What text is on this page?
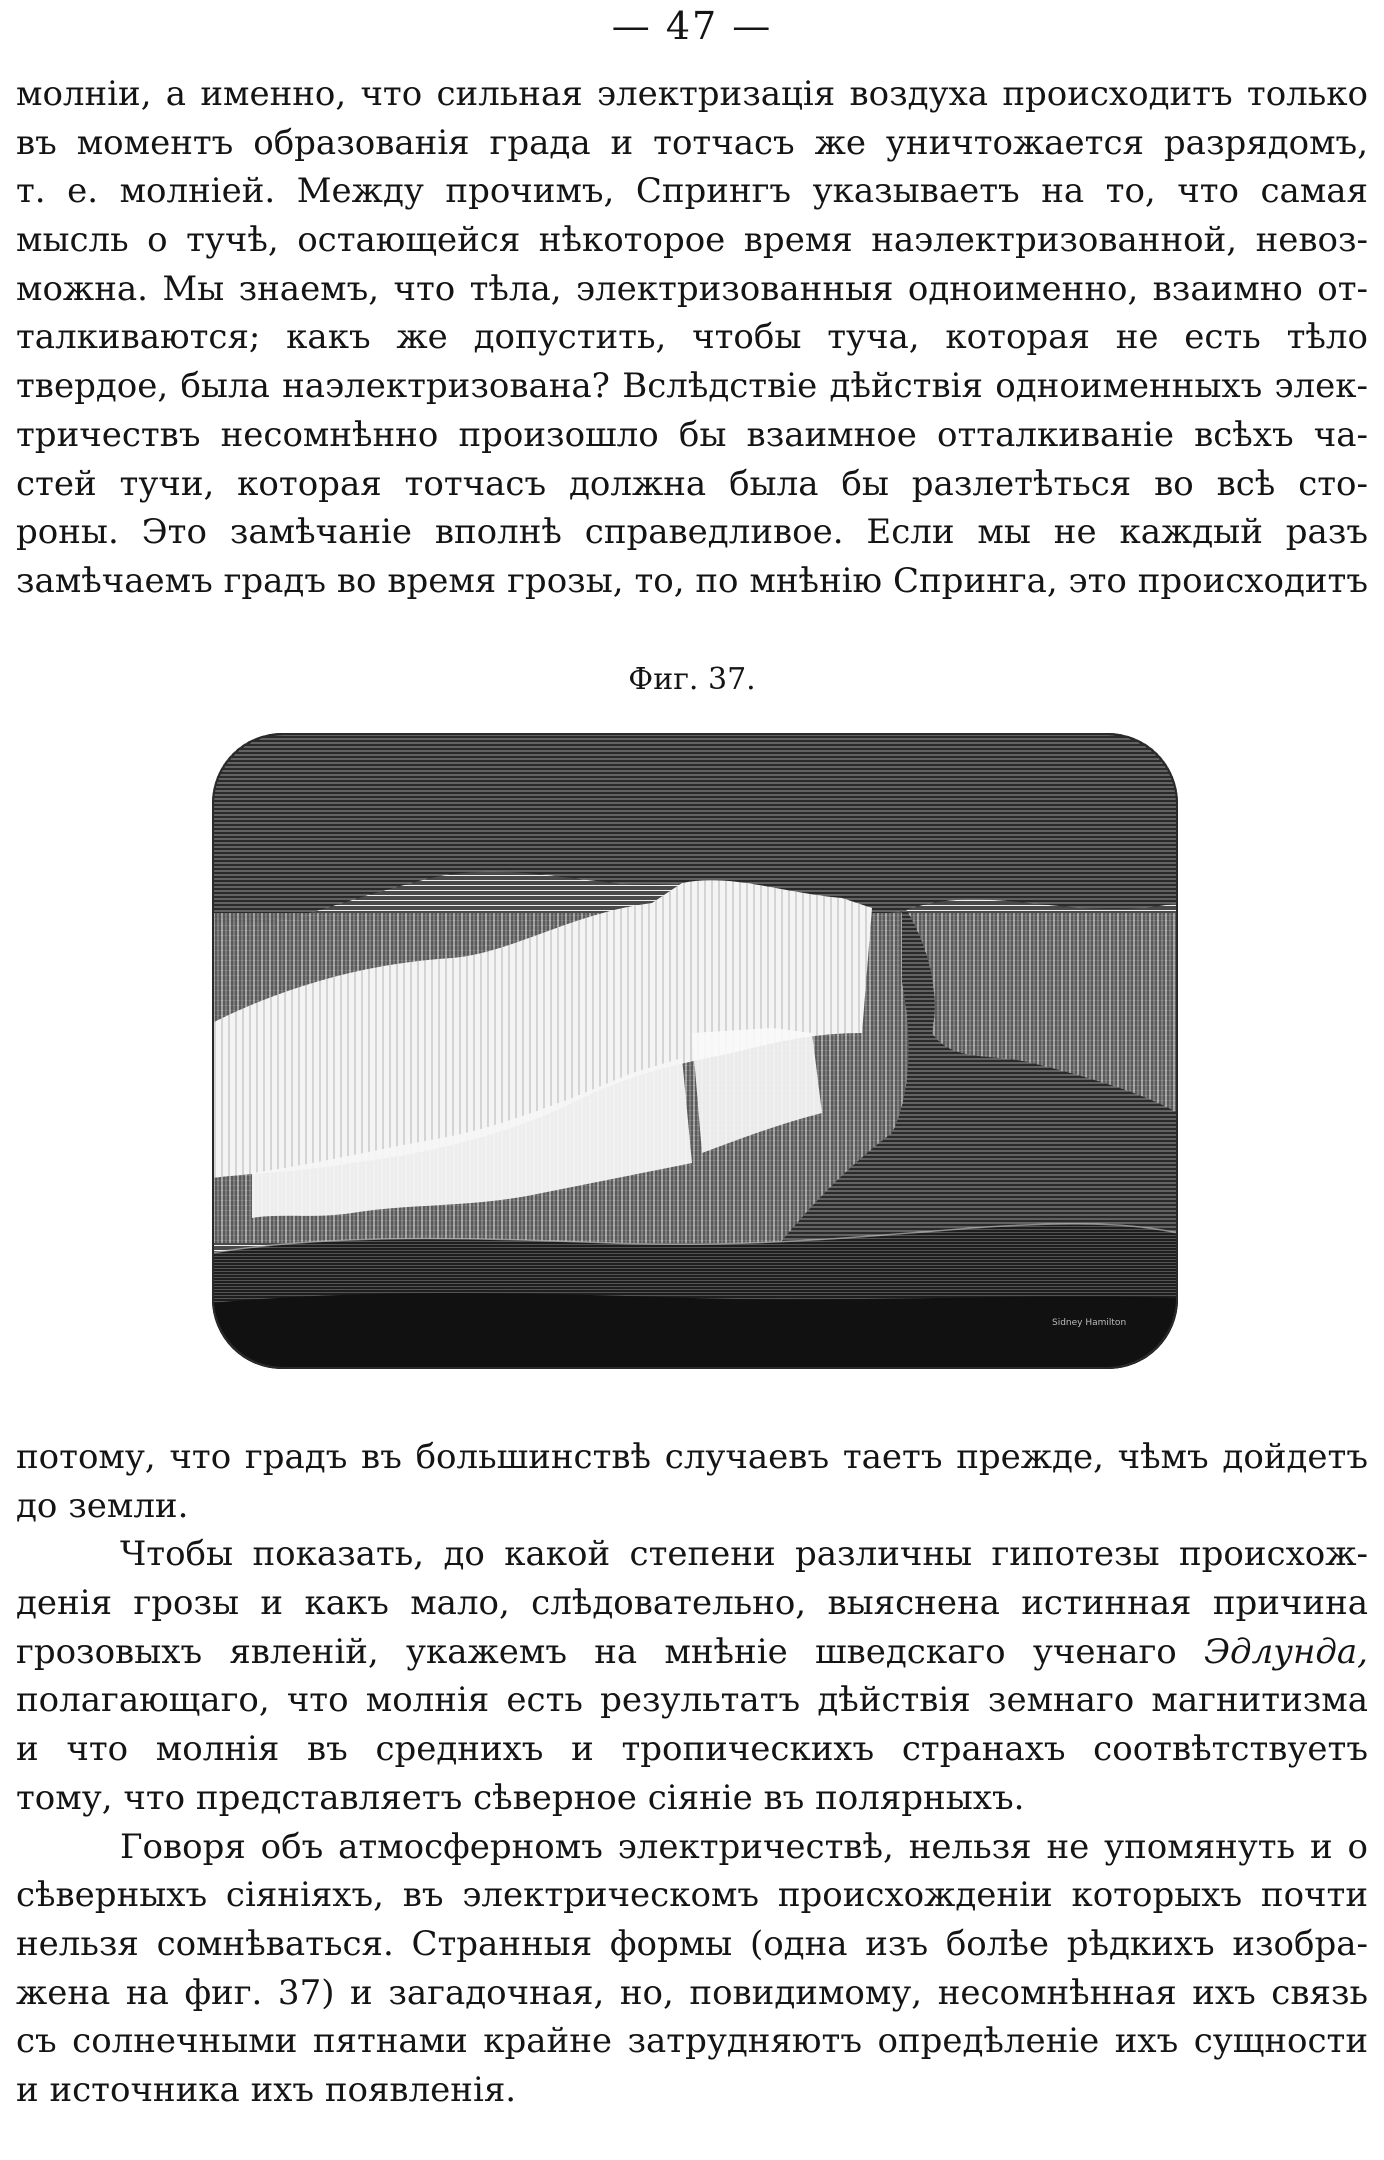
— 47 —
молніи, а именно, что сильная электризація воздуха происходитъ только
въ моментъ образованія града и тотчасъ же уничтожается разрядомъ,
т. е. молніей. Между прочимъ, Спрингъ указываетъ на то, что самая
мысль о тучѣ, остающейся нѣкоторое время наэлектризованной, невоз-
можна. Мы знаемъ, что тѣла, электризованныя одноименно, взаимно от-
талкиваются; какъ же допустить, чтобы туча, которая не есть тѣло
твердое, была наэлектризована? Вслѣдствіе дѣйствія одноименныхъ элек-
тричествъ несомнѣнно произошло бы взаимное отталкиваніе всѣхъ ча-
стей тучи, которая тотчасъ должна была бы разлетѣться во всѣ сто-
роны. Это замѣчаніе вполнѣ справедливое. Если мы не каждый разъ
замѣчаемъ градъ во время грозы, то, по мнѣнію Спринга, это происходитъ
Фиг. 37.
Sidney Hamilton
потому, что градъ въ большинствѣ случаевъ таетъ прежде, чѣмъ дойдетъ
до земли.
Чтобы показать, до какой степени различны гипотезы происхож-
денія грозы и какъ мало, слѣдовательно, выяснена истинная причина
грозовыхъ явленій, укажемъ на мнѣніе шведскаго ученаго Эдлунда,
полагающаго, что молнія есть результатъ дѣйствія земнаго магнитизма
и что молнія въ среднихъ и тропическихъ странахъ соотвѣтствуетъ
тому, что представляетъ сѣверное сіяніе въ полярныхъ.
Говоря объ атмосферномъ электричествѣ, нельзя не упомянуть и о
сѣверныхъ сіяніяхъ, въ электрическомъ происхожденіи которыхъ почти
нельзя сомнѣваться. Странныя формы (одна изъ болѣе рѣдкихъ изобра-
жена на фиг. 37) и загадочная, но, повидимому, несомнѣнная ихъ связь
съ солнечными пятнами крайне затрудняютъ опредѣленіе ихъ сущности
и источника ихъ появленія.
